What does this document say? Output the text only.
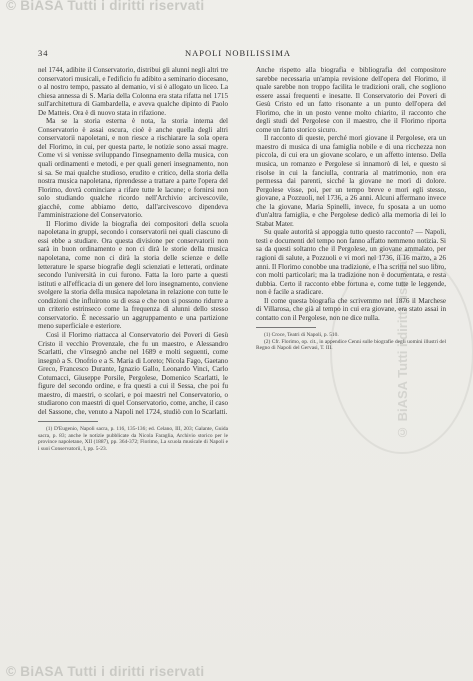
© BiASA Tutti i diritti riservati
© BiASA Tutti i diritti riservati
34	NAPOLI NOBILISSIMA

nel 1744, adibite il Conservatorio, distribui gli alunni negli altri tre conservatori musicali, e l'edificio fu adibito a seminario diocesano, o al nostro tempo, passato al demanio, vi si è allogato un liceo. La chiesa annessa di S. Maria della Colonna era stata rifatta nel 1715 sull'architettura di Gambardella, e aveva qualche dipinto di Paolo De Matteis. Ora è di nuovo stata in rifazione.

Ma se la storia esterna è nota, la storia interna del Conservatorio è assai oscura, cioè è anche quella degli altri conservatorii napoletani, e non riesce a rischiarare la sola opera del Florimo, in cui, per questa parte, le notizie sono assai magre. Come vi si venisse sviluppando l'insegnamento della musica, con quali ordinamenti e metodi, e per quali generi insegnamento, non si sa. Se mai qualche studioso, erudito e critico, della storia della nostra musica napoletana, riprendesse a trattare a parte l'opera del Florimo, dovrà cominciare a rifare tutte le lacune; e fornirsi non solo studiando qualche ricordo nell'Archivio arcivescovile, giacchè, come abbiamo detto, dall'arcivescovo dipendeva l'amministrazione del Conservatorio.

Il Florimo divide la biografia dei compositori della scuola napoletana in gruppi, secondo i conservatorii nei quali ciascuno di essi ebbe a studiare. Ora questa divisione per conservatorii non sarà in buon ordinamento e non ci dirà le storie della musica napoletana, come non ci dirà la storia delle scienze e delle letterature le sparse biografie degli scienziati e letterati, ordinate secondo l'università in cui furono. Fatta la loro parte a questi istituti e all'efficacia di un genere del loro insegnamento, conviene svolgere la storia della musica napoletana in relazione con tutte le condizioni che influirono su di essa e che non si possono ridurre a un criterio estrinseco come la frequenza di alunni dello stesso conservatorio. È necessario un aggruppamento e una partizione meno superficiale e esteriore.

Così il Florimo riattacca al Conservatorio dei Poveri di Gesù Cristo il vecchio Provenzale, che fu un maestro, e Alessandro Scarlatti, che v'insegnò anche nel 1689 e molti seguenti, come insegnò a S. Onofrio e a S. Maria di Loreto; Nicola Fago, Gaetano Greco, Francesco Durante, Ignazio Gallo, Leonardo Vinci, Carlo Cotumacci, Giuseppe Porsile, Pergolese, Domenico Scarlatti, le figure del secondo ordine, e fra questi a cui il Sessa, che poi fu maestro, di maestri, o scolari, e poi maestri nel Conservatorio, o studiarono con maestri di quel Conservatorio, come, anche, il caso del Sassone, che, venuto a Napoli nel 1724, studiò con lo Scarlatti.

(1) D'Eugenio, Napoli sacra, p. 116, 135-136; ed. Celano, III, 203; Galante, Guida sacra, p. 83; anche le notizie pubblicate da Nicola Faraglia, Archivio storico per le province napoletane, XII (1887), pp. 364-372; Florimo, La scuola musicale di Napoli e i suoi Conservatorii, I, pp. 5-23.

Anche rispetto alla biografia e bibliografia del compositore sarebbe necessaria un'ampia revisione dell'opera del Florimo, il quale sarebbe non troppo facilita le tradizioni orali, che sogliono essere assai frequenti e inesatte. Il Conservatorio dei Poveri di Gesù Cristo ed un fatto risonante a un punto dell'opera del Florimo, che in un posto venne molto chiarito, il racconto che degli studi del Pergolese con il maestro, che il Florimo riporta come un fatto storico sicuro.

Il racconto di queste, perché morì giovane il Pergolese, era un maestro di musica di una famiglia nobile e di una ricchezza non piccola, di cui era un giovane scolaro, e un affetto intenso. Della musica, un romanzo e Pergolese si innamorò di lei, e questo si risolse in cui la fanciulla, contraria al matrimonio, non era permessa dai parenti, sicché la giovane ne morì di dolore. Pergolese visse, poi, per un tempo breve e morì egli stesso, giovane, a Pozzuoli, nel 1736, a 26 anni. Alcuni affermano invece che la giovane, Maria Spinelli, invece, fu sposata a un uomo d'un'altra famiglia, e che Pergolese dedicò alla memoria di lei lo Stabat Mater.

Su quale autorità si appoggia tutto questo racconto? — Napoli, testi e documenti del tempo non fanno affatto nemmeno notizia. Si sa da questi soltanto che il Pergolese, un giovane ammalato, per ragioni di salute, a Pozzuoli e vi morì nel 1736, il 16 marzo, a 26 anni. Il Florimo conobbe una tradizione, e l'ha scritta nel suo libro, con molti particolari; ma la tradizione non è documentata, e resta dubbia. Certo il racconto ebbe fortuna e, come tutte le leggende, non è facile a sradicare.

Il come questa biografia che scrivemmo nel 1876 il Marchese di Villarosa, che già al tempo in cui era giovane, era stato assai in contatto con il Pergolese, non ne dice nulla.

(1) Croce, Teatri di Napoli, p. 510.

(2) Cfr. Florimo, op. cit., in appendice Cenni sulle biografie degli uomini illustri del Regno di Napoli del Gervasi, T. III.

© BiASA Tutti i diritti riservati
